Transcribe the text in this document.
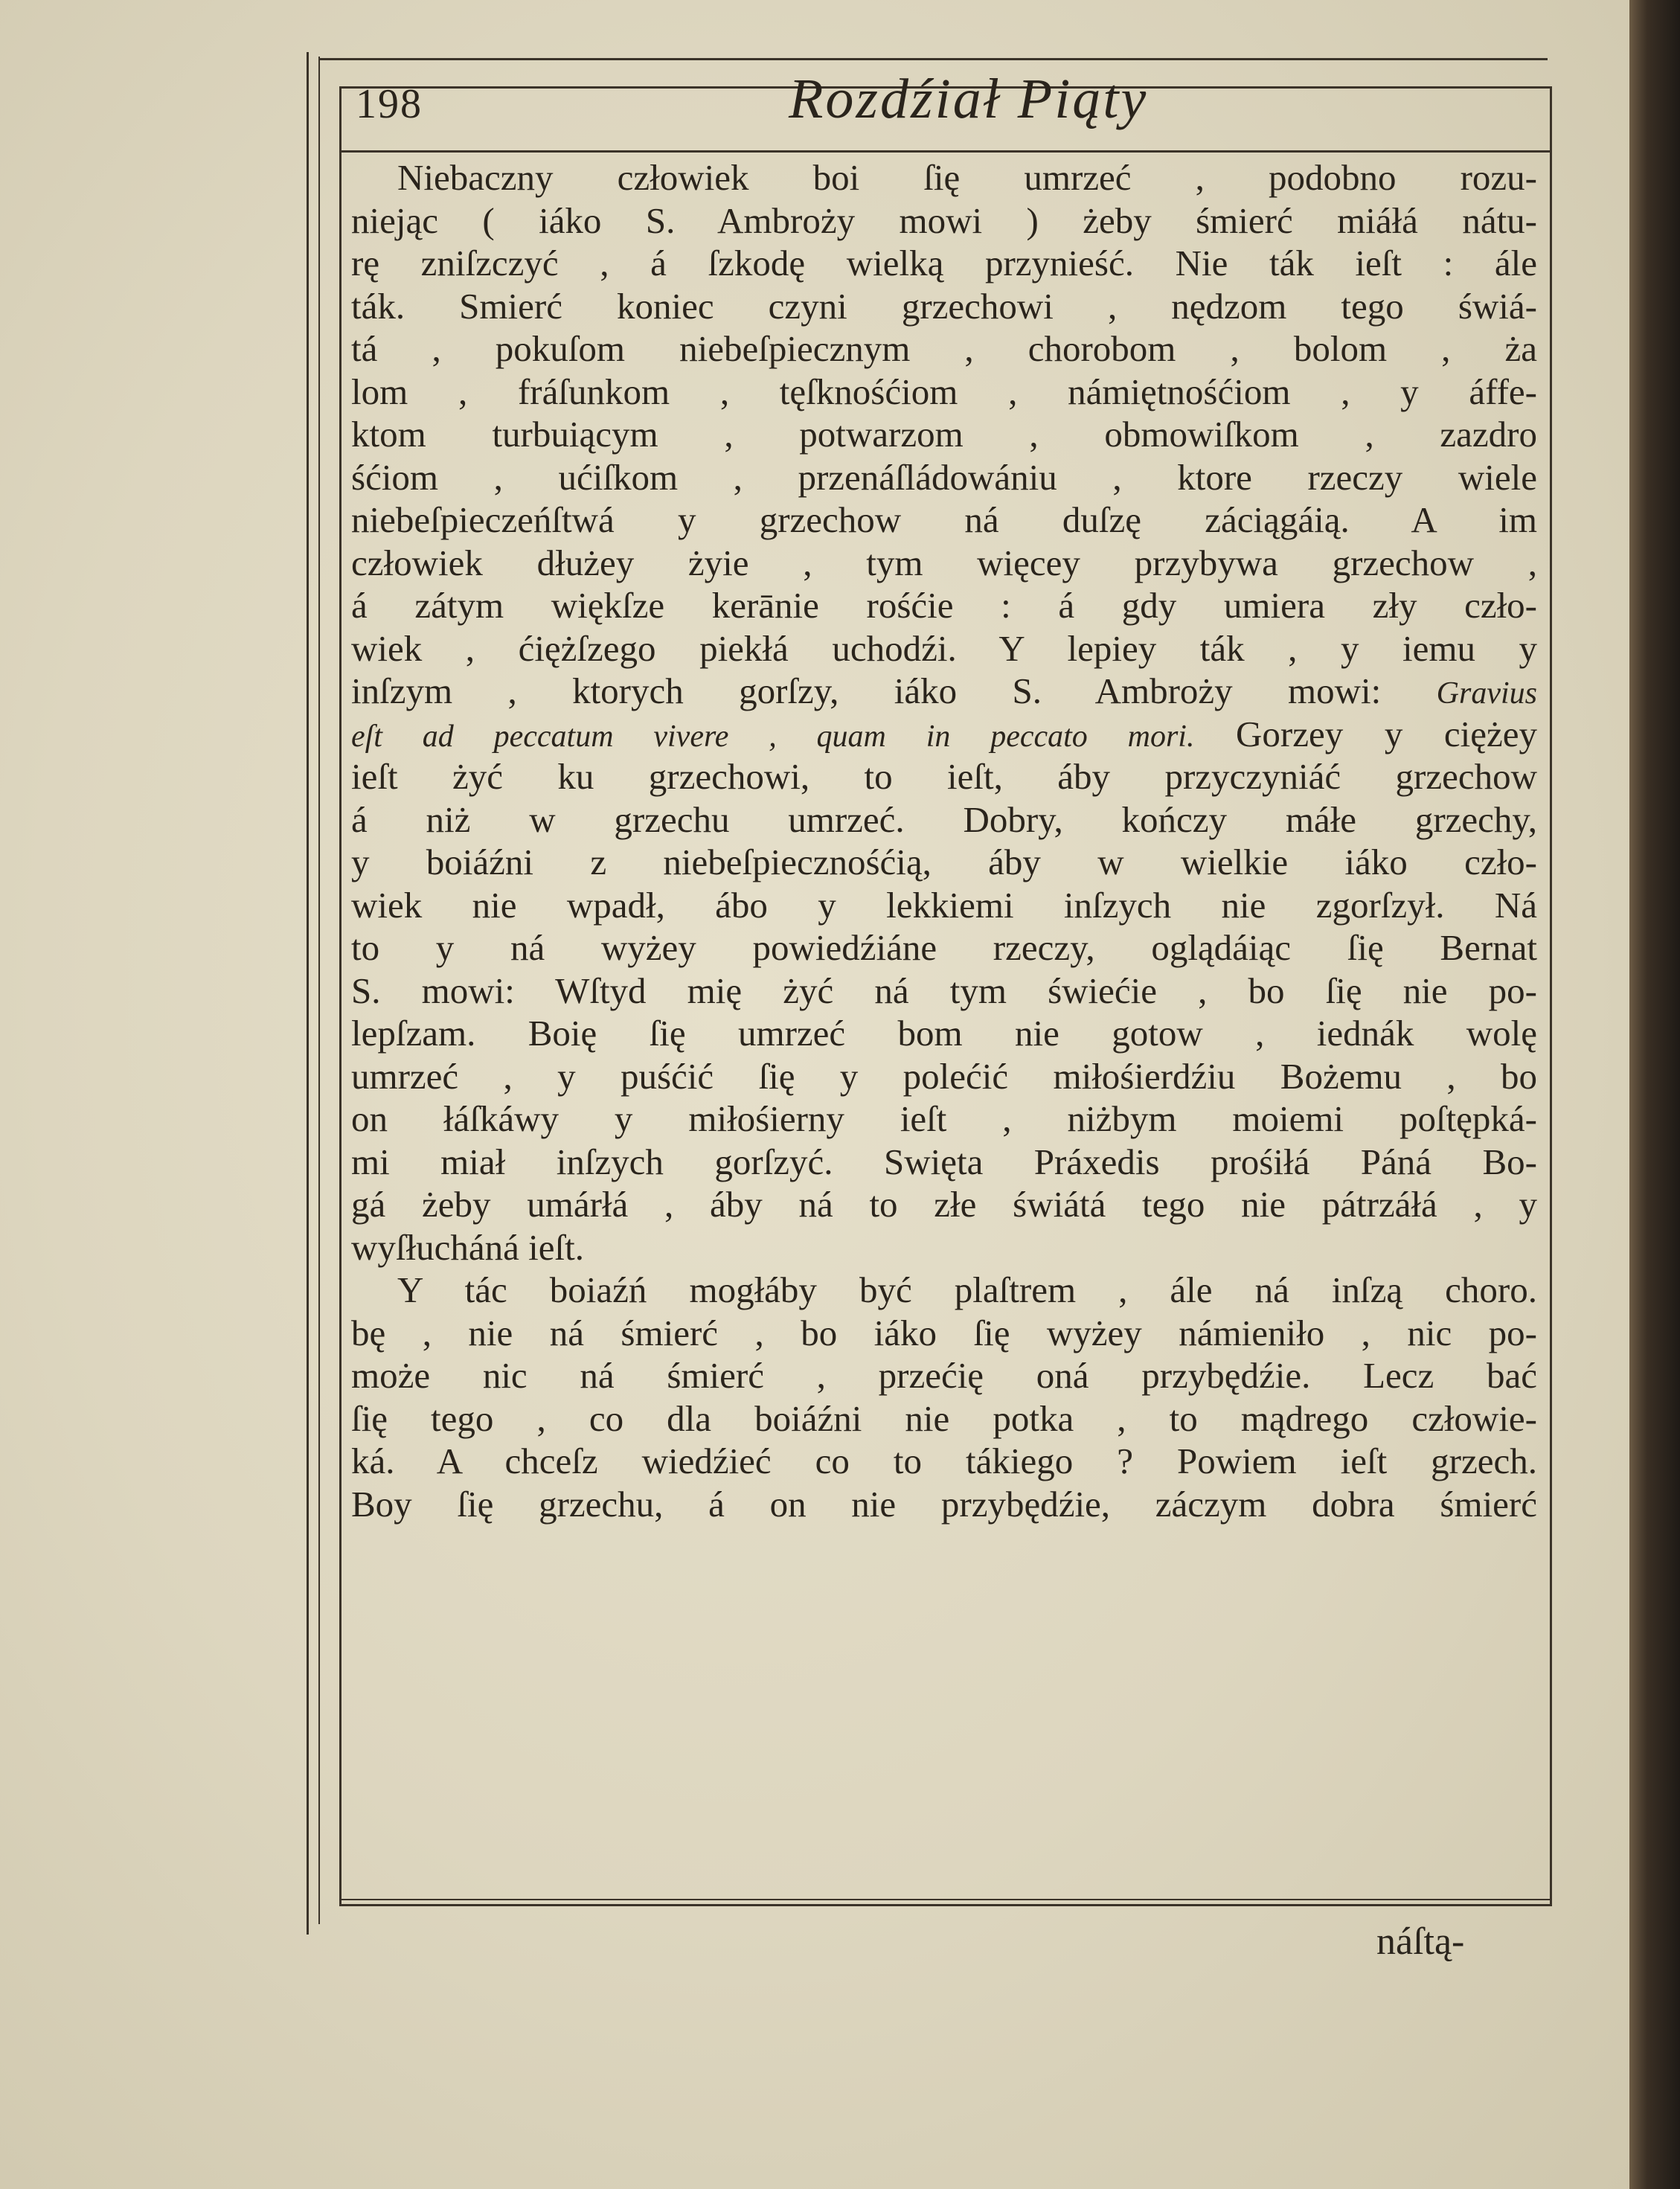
198	Rozdźiał Piąty
Niebaczny człowiek boi ſię umrzeć , podobno rozu-
niejąc ( iáko S. Ambroży mowi ) żeby śmierć miáłá nátu-
rę zniſzczyć , á ſzkodę wielką przynieść. Nie ták ieſt : ále
ták. Smierć koniec czyni grzechowi , nędzom tego świá-
tá , pokuſom niebeſpiecznym , chorobom , bolom , ża
lom , fráſunkom , tęſknośćiom , námiętnośćiom , y áffe-
ktom turbuiącym , potwarzom , obmowiſkom , zazdro
śćiom , ućiſkom , przenáſládowániu , ktore rzeczy wiele
niebeſpieczeńſtwá y grzechow ná duſzę záciągáią. A im
człowiek dłużey żyie , tym więcey przybywa grzechow ,
á zátym więkſze kerānie rośćie : á gdy umiera zły czło-
wiek , ćiężſzego piekłá uchodźi. Y lepiey ták , y iemu y
inſzym , ktorych gorſzy, iáko S. Ambroży mowi: Gravius
eſt ad peccatum vivere , quam in peccato mori. Gorzey y ciężey
ieſt żyć ku grzechowi, to ieſt, áby przyczyniáć grzechow
á niż w grzechu umrzeć. Dobry, kończy máłe grzechy,
y boiáźni z niebeſpiecznośćią, áby w wielkie iáko czło-
wiek nie wpadł, ábo y lekkiemi inſzych nie zgorſzył. Ná
to y ná wyżey powiedźiáne rzeczy, oglądáiąc ſię Bernat
S. mowi: Wſtyd mię żyć ná tym świećie , bo ſię nie po-
lepſzam. Boię ſię umrzeć bom nie gotow , iednák wolę
umrzeć , y puśćić ſię y polećić miłośierdźiu Bożemu , bo
on łáſkáwy y miłośierny ieſt , niżbym moiemi poſtępká-
mi miał inſzych gorſzyć. Swięta Práxedis prośiłá Páná Bo-
gá żeby umárłá , áby ná to złe świátá tego nie pátrzáłá , y
wyſłucháná ieſt.
Y tác boiaźń mogłáby być plaſtrem , ále ná inſzą choro.
bę , nie ná śmierć , bo iáko ſię wyżey námieniło , nic po-
może nic ná śmierć , przećię oná przybędźie. Lecz bać
ſię tego , co dla boiáźni nie potka , to mądrego człowie-
ká. A chceſz wiedźieć co to tákiego ? Powiem ieſt grzech.
Boy ſię grzechu, á on nie przybędźie, záczym dobra śmierć
náſtą-
